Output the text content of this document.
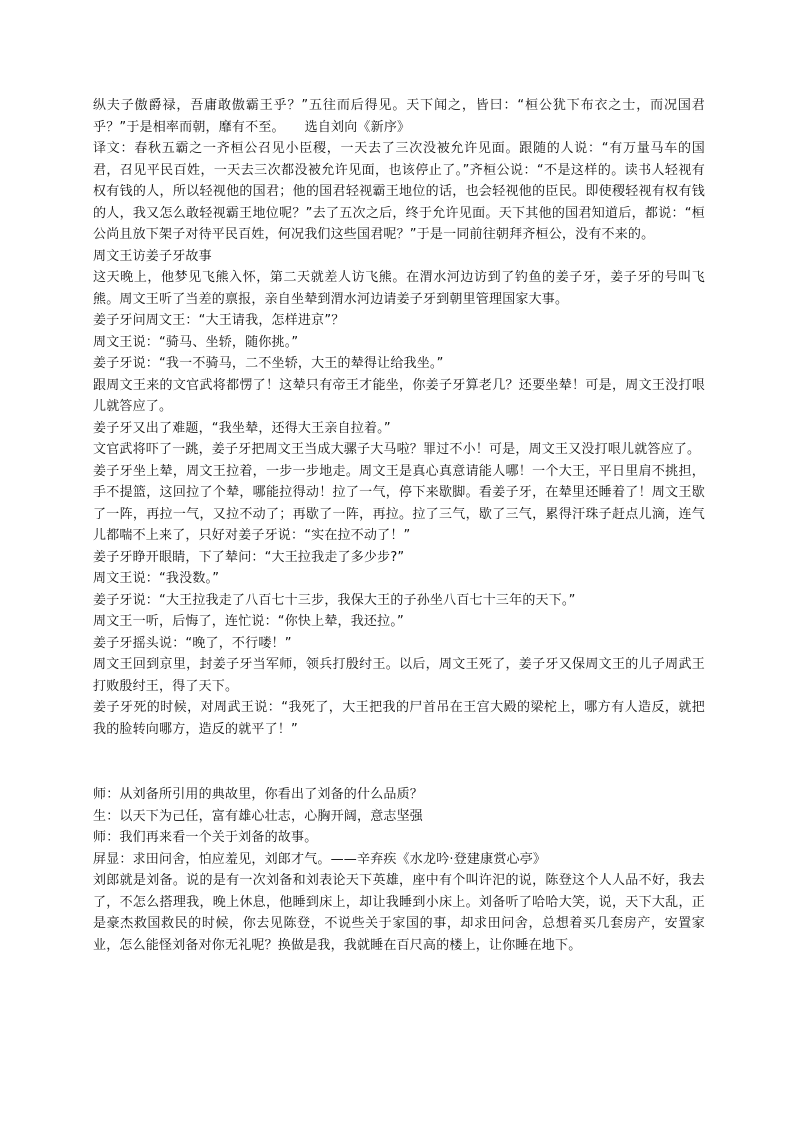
纵夫子傲爵禄，吾庸敢傲霸王乎？”五往而后得见。天下闻之，皆曰：“桓公犹下布衣之士，而况国君乎？”于是相率而朝，靡有不至。　　选自刘向《新序》

译文：春秋五霸之一齐桓公召见小臣稷，一天去了三次没被允许见面。跟随的人说：“有万量马车的国君，召见平民百姓，一天去三次都没被允许见面，也该停止了。”齐桓公说：“不是这样的。读书人轻视有权有钱的人，所以轻视他的国君；他的国君轻视霸王地位的话，也会轻视他的臣民。即使稷轻视有权有钱的人，我又怎么敢轻视霸王地位呢？”去了五次之后，终于允许见面。天下其他的国君知道后，都说：“桓公尚且放下架子对待平民百姓，何况我们这些国君呢？”于是一同前往朝拜齐桓公，没有不来的。

周文王访姜子牙故事

这天晚上，他梦见飞熊入怀，第二天就差人访飞熊。在渭水河边访到了钓鱼的姜子牙，姜子牙的号叫飞熊。周文王听了当差的禀报，亲自坐辇到渭水河边请姜子牙到朝里管理国家大事。

姜子牙问周文王：“大王请我，怎样进京”？

周文王说：“骑马、坐轿，随你挑。”

姜子牙说：“我一不骑马，二不坐轿，大王的辇得让给我坐。”

跟周文王来的文官武将都愣了！这辇只有帝王才能坐，你姜子牙算老几？还要坐辇！可是，周文王没打哏儿就答应了。

姜子牙又出了难题，“我坐辇，还得大王亲自拉着。”

文官武将吓了一跳，姜子牙把周文王当成大骡子大马啦？罪过不小！可是，周文王又没打哏儿就答应了。

姜子牙坐上辇，周文王拉着，一步一步地走。周文王是真心真意请能人哪！一个大王，平日里肩不挑担，手不提篮，这回拉了个辇，哪能拉得动！拉了一气，停下来歇脚。看姜子牙，在辇里还睡着了！周文王歇了一阵，再拉一气，又拉不动了；再歇了一阵，再拉。拉了三气，歇了三气，累得汗珠子赶点儿滴，连气儿都喘不上来了，只好对姜子牙说：“实在拉不动了！”

姜子牙睁开眼睛，下了辇问：“大王拉我走了多少步?”

周文王说：“我没数。”

姜子牙说：“大王拉我走了八百七十三步，我保大王的子孙坐八百七十三年的天下。”

周文王一听，后悔了，连忙说：“你快上辇，我还拉。”

姜子牙摇头说：“晚了，不行喽！”

周文王回到京里，封姜子牙当军师，领兵打殷纣王。以后，周文王死了，姜子牙又保周文王的儿子周武王打败殷纣王，得了天下。

姜子牙死的时候，对周武王说：“我死了，大王把我的尸首吊在王宫大殿的梁柁上，哪方有人造反，就把我的脸转向哪方，造反的就平了！”

师：从刘备所引用的典故里，你看出了刘备的什么品质？

生：以天下为己任，富有雄心壮志，心胸开阔，意志坚强

师：我们再来看一个关于刘备的故事。

屏显：求田问舍，怕应羞见，刘郎才气。——辛弃疾《水龙吟·登建康赏心亭》

刘郎就是刘备。说的是有一次刘备和刘表论天下英雄，座中有个叫许汜的说，陈登这个人人品不好，我去了，不怎么搭理我，晚上休息，他睡到床上，却让我睡到小床上。刘备听了哈哈大笑，说，天下大乱，正是豪杰救国救民的时候，你去见陈登，不说些关于家国的事，却求田问舍，总想着买几套房产，安置家业，怎么能怪刘备对你无礼呢？换做是我，我就睡在百尺高的楼上，让你睡在地下。
